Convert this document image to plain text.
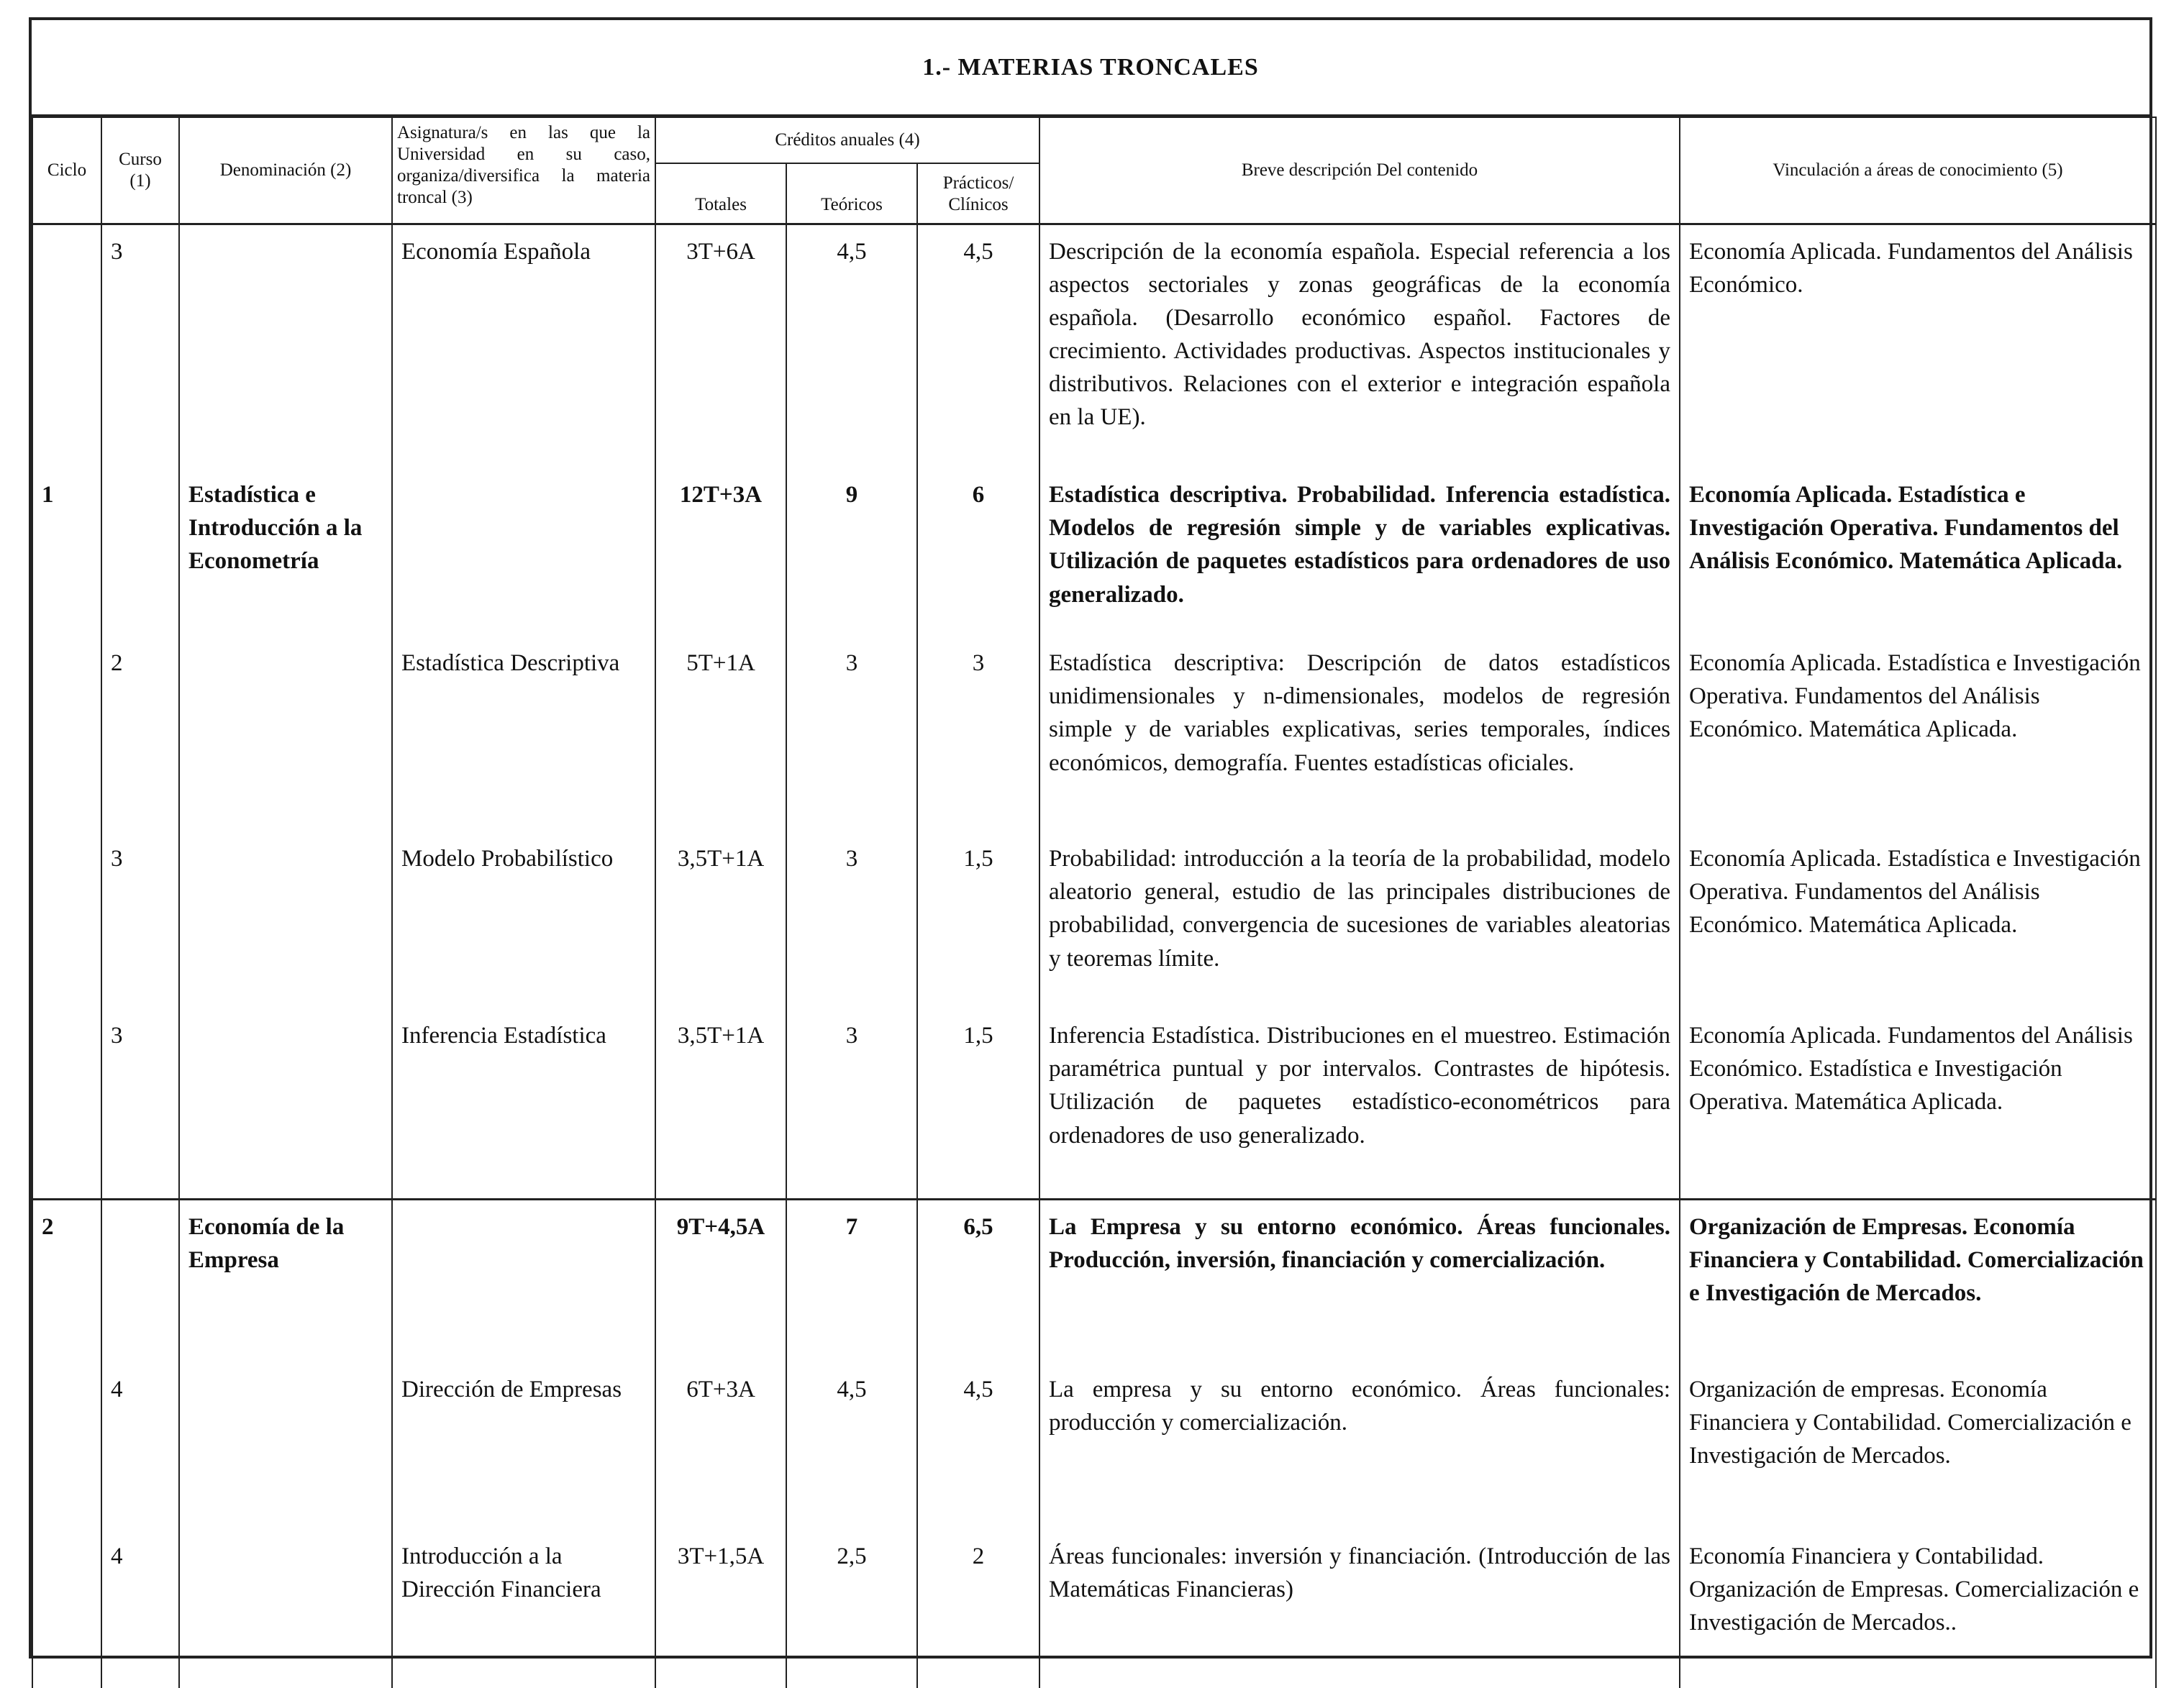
1.- MATERIAS TRONCALES
Ciclo	Curso (1)	Denominación (2)	Asignatura/s en las que la Universidad en su caso, organiza/diversifica la materia troncal (3)	Créditos anuales (4)			Breve descripción Del contenido	Vinculación a áreas de conocimiento (5)
				Totales	Teóricos	Prácticos/ Clínicos		
	3		Economía Española	3T+6A	4,5	4,5	Descripción de la economía española. Especial referencia a los aspectos sectoriales y zonas geográficas de la economía española. (Desarrollo económico español. Factores de crecimiento. Actividades productivas. Aspectos institucionales y distributivos. Relaciones con el exterior e integración española en la UE).	Economía Aplicada. Fundamentos del Análisis Económico.
1		Estadística e Introducción a la Econometría		12T+3A	9	6	Estadística descriptiva. Probabilidad. Inferencia estadística. Modelos de regresión simple y de variables explicativas. Utilización de paquetes estadísticos para ordenadores de uso generalizado.	Economía Aplicada. Estadística e Investigación Operativa. Fundamentos del Análisis Económico. Matemática Aplicada.
	2		Estadística Descriptiva	5T+1A	3	3	Estadística descriptiva: Descripción de datos estadísticos unidimensionales y n-dimensionales, modelos de regresión simple y de variables explicativas, series temporales, índices económicos, demografía. Fuentes estadísticas oficiales.	Economía Aplicada. Estadística e Investigación Operativa. Fundamentos del Análisis Económico. Matemática Aplicada.
	3		Modelo Probabilístico	3,5T+1A	3	1,5	Probabilidad: introducción a la teoría de la probabilidad, modelo aleatorio general, estudio de las principales distribuciones de probabilidad, convergencia de sucesiones de variables aleatorias y teoremas límite.	Economía Aplicada. Estadística e Investigación Operativa. Fundamentos del Análisis Económico. Matemática Aplicada.
	3		Inferencia Estadística	3,5T+1A	3	1,5	Inferencia Estadística. Distribuciones en el muestreo. Estimación paramétrica puntual y por intervalos. Contrastes de hipótesis. Utilización de paquetes estadístico-econométricos para ordenadores de uso generalizado.	Economía Aplicada. Fundamentos del Análisis Económico. Estadística e Investigación Operativa. Matemática Aplicada.
2		Economía de la Empresa		9T+4,5A	7	6,5	La Empresa y su entorno económico. Áreas funcionales. Producción, inversión, financiación y comercialización.	Organización de Empresas. Economía Financiera y Contabilidad. Comercialización e Investigación de Mercados.
	4		Dirección de Empresas	6T+3A	4,5	4,5	La empresa y su entorno económico. Áreas funcionales: producción y comercialización.	Organización de empresas. Economía Financiera y Contabilidad. Comercialización e Investigación de Mercados.
	4		Introducción a la Dirección Financiera	3T+1,5A	2,5	2	Áreas funcionales: inversión y financiación. (Introducción de las Matemáticas Financieras)	Economía Financiera y Contabilidad. Organización de Empresas. Comercialización e Investigación de Mercados..
